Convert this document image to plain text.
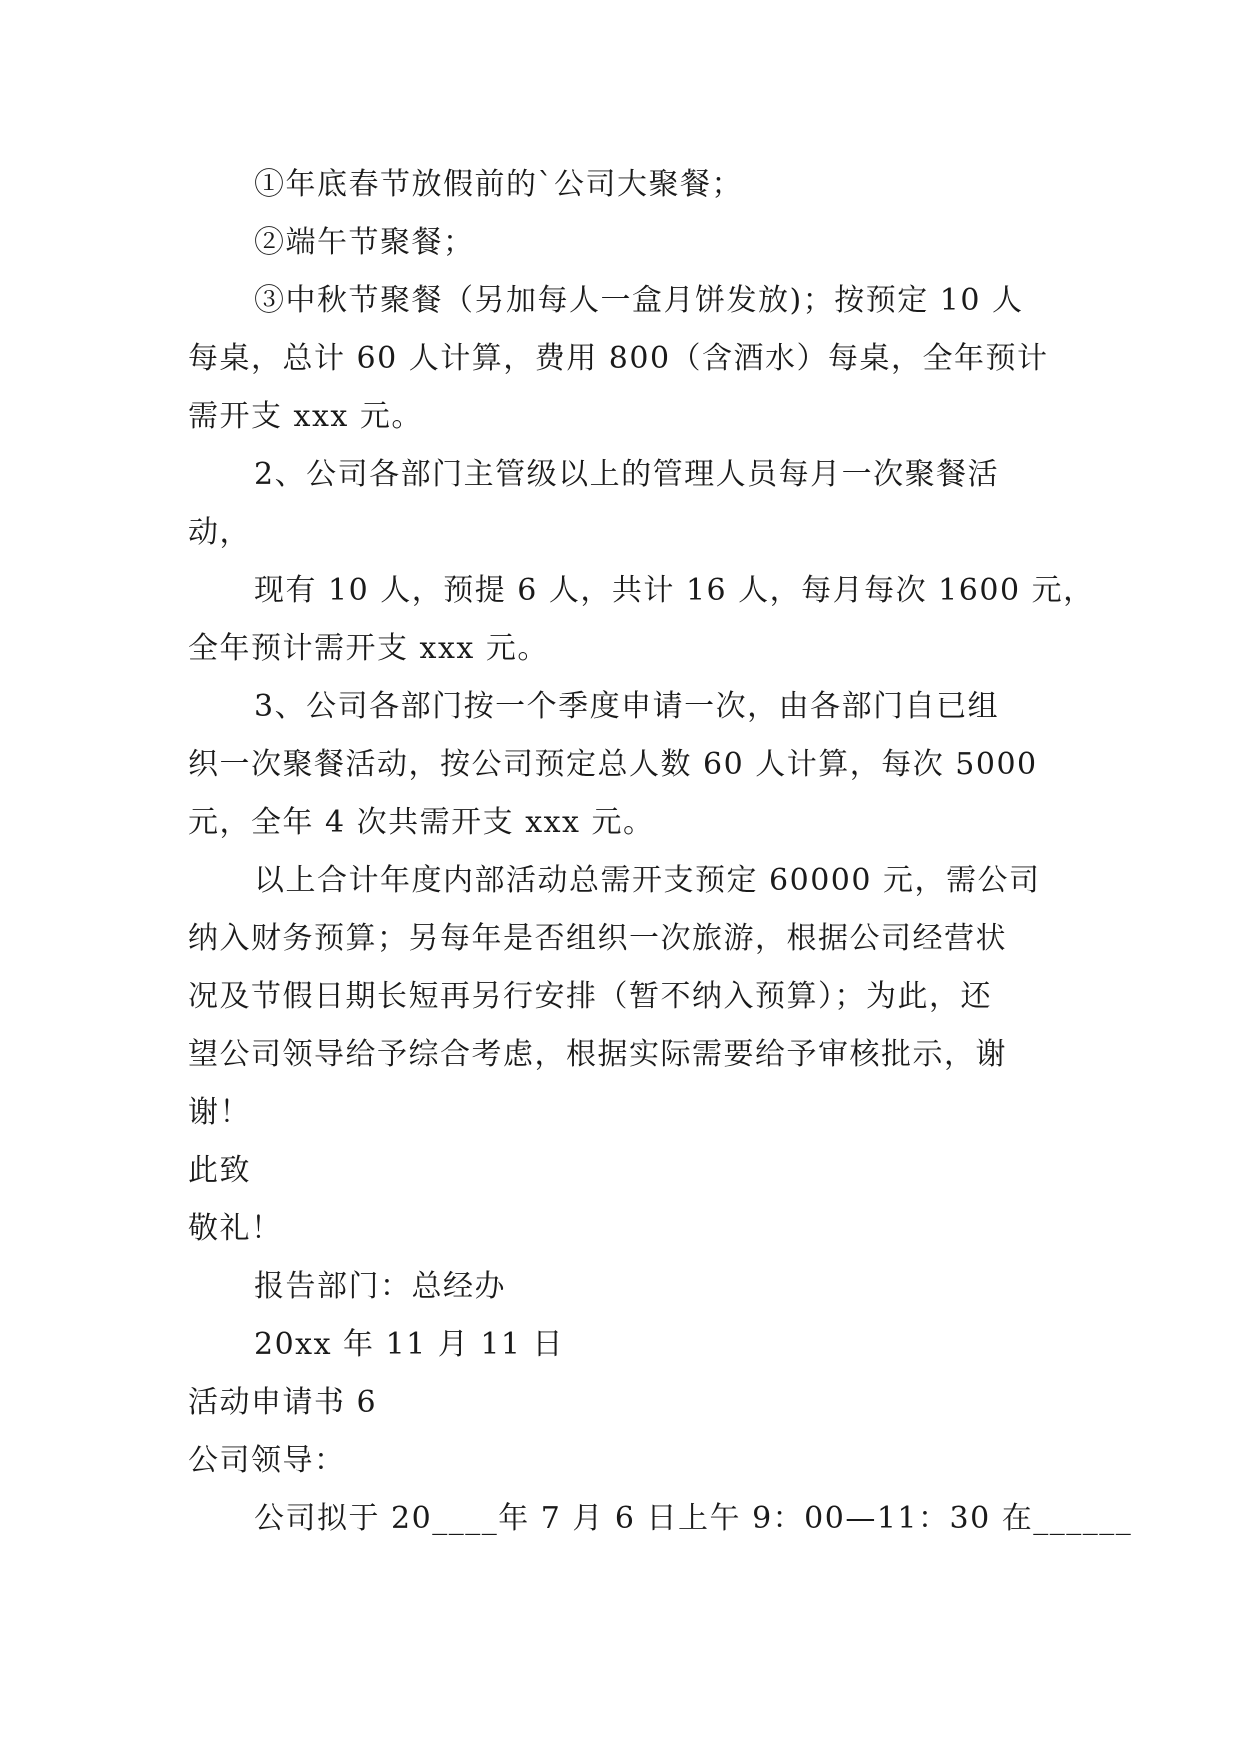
①年底春节放假前的`公司大聚餐；
②端午节聚餐；
③中秋节聚餐（另加每人一盒月饼发放)；按预定 10 人
每桌，总计 60 人计算，费用 800（含酒水）每桌，全年预计
需开支 xxx 元。
2、公司各部门主管级以上的管理人员每月一次聚餐活
动，
现有 10 人，预提 6 人，共计 16 人，每月每次 1600 元，
全年预计需开支 xxx 元。
3、公司各部门按一个季度申请一次，由各部门自已组
织一次聚餐活动，按公司预定总人数 60 人计算，每次 5000
元，全年 4 次共需开支 xxx 元。
以上合计年度内部活动总需开支预定 60000 元，需公司
纳入财务预算；另每年是否组织一次旅游，根据公司经营状
况及节假日期长短再另行安排（暂不纳入预算）；为此，还
望公司领导给予综合考虑，根据实际需要给予审核批示，谢
谢！
此致
敬礼！
报告部门：总经办
20xx 年 11 月 11 日
活动申请书 6
公司领导：
公司拟于 20____年 7 月 6 日上午 9：00—11：30 在______
